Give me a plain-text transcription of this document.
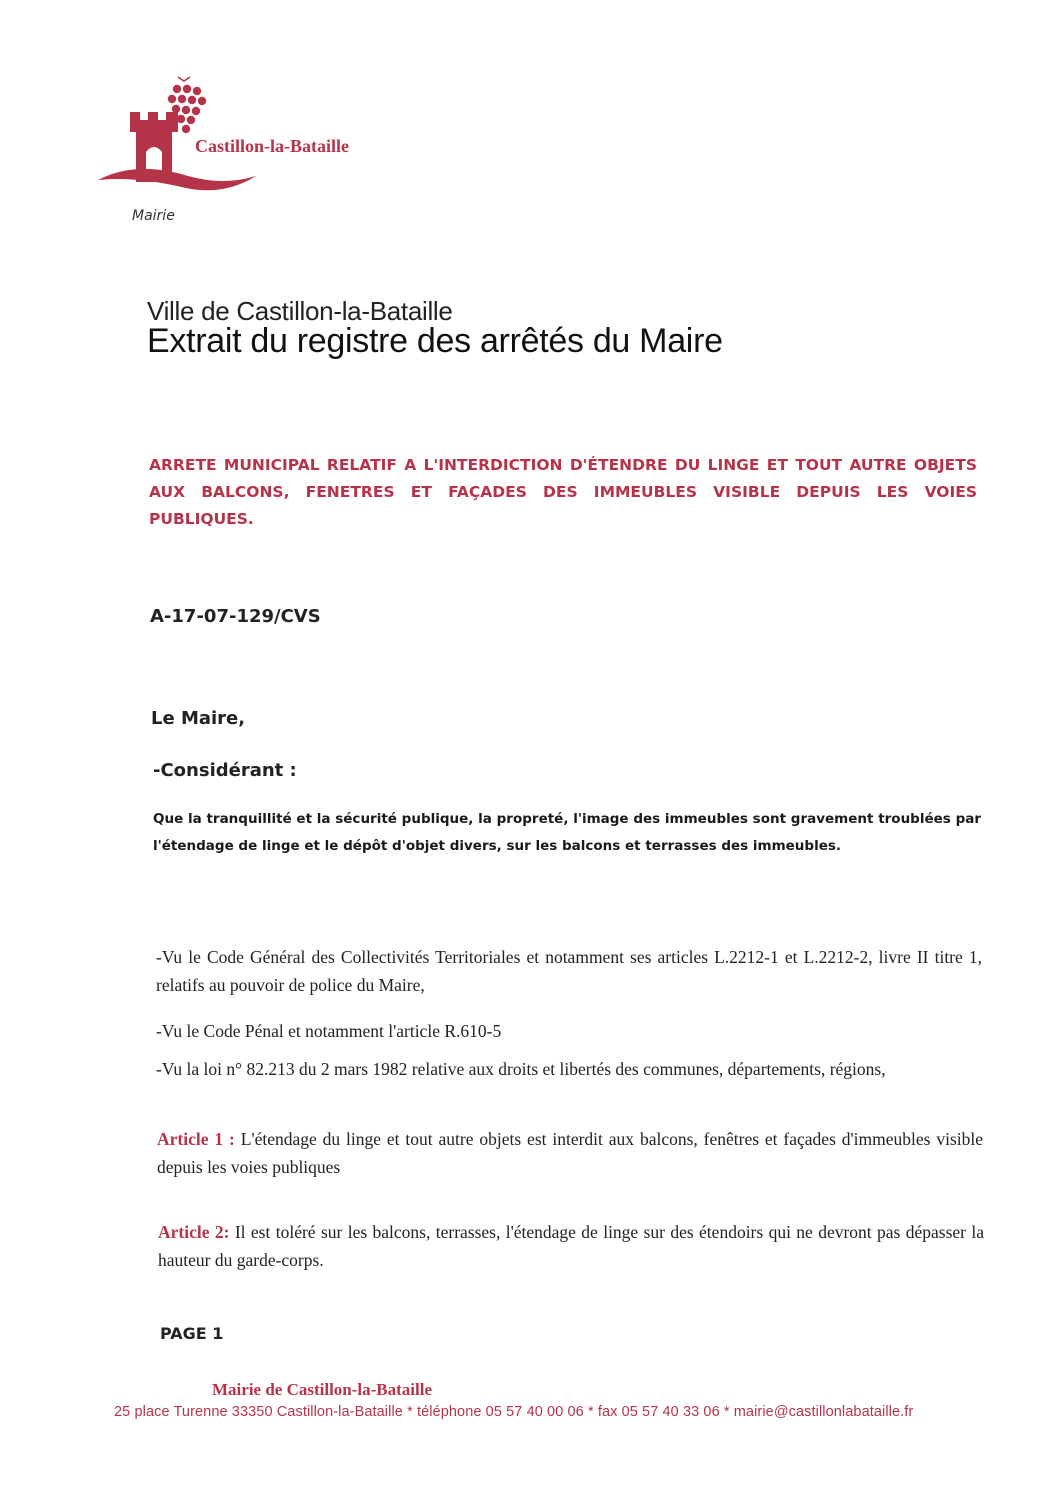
Castillon-la-Bataille
Mairie
Ville de Castillon-la-Bataille
Extrait du registre des arrêtés du Maire
ARRETE MUNICIPAL RELATIF A L'INTERDICTION D'ÉTENDRE DU LINGE ET TOUT AUTRE OBJETS AUX BALCONS, FENETRES ET FAÇADES DES IMMEUBLES VISIBLE DEPUIS LES VOIES PUBLIQUES.
A-17-07-129/CVS
Le Maire,
-Considérant :
Que la tranquillité et la sécurité publique, la propreté, l'image des immeubles sont gravement troublées par l'étendage de linge et le dépôt d'objet divers, sur les balcons et terrasses des immeubles.
-Vu le Code Général des Collectivités Territoriales et notamment ses articles L.2212-1 et L.2212-2, livre II titre 1, relatifs au pouvoir de police du Maire,
-Vu le Code Pénal et notamment l'article R.610-5
-Vu la loi n° 82.213 du 2 mars 1982 relative aux droits et libertés des communes, départements, régions,
Article 1 : L'étendage du linge et tout autre objets est interdit aux balcons, fenêtres et façades d'immeubles visible depuis les voies publiques
Article 2: Il est toléré sur les balcons, terrasses, l'étendage de linge sur des étendoirs qui ne devront pas dépasser la hauteur du garde-corps.
PAGE 1
Mairie de Castillon-la-Bataille
25 place Turenne 33350 Castillon-la-Bataille * téléphone 05 57 40 00 06 * fax 05 57 40 33 06 * mairie@castillonlabataille.fr
